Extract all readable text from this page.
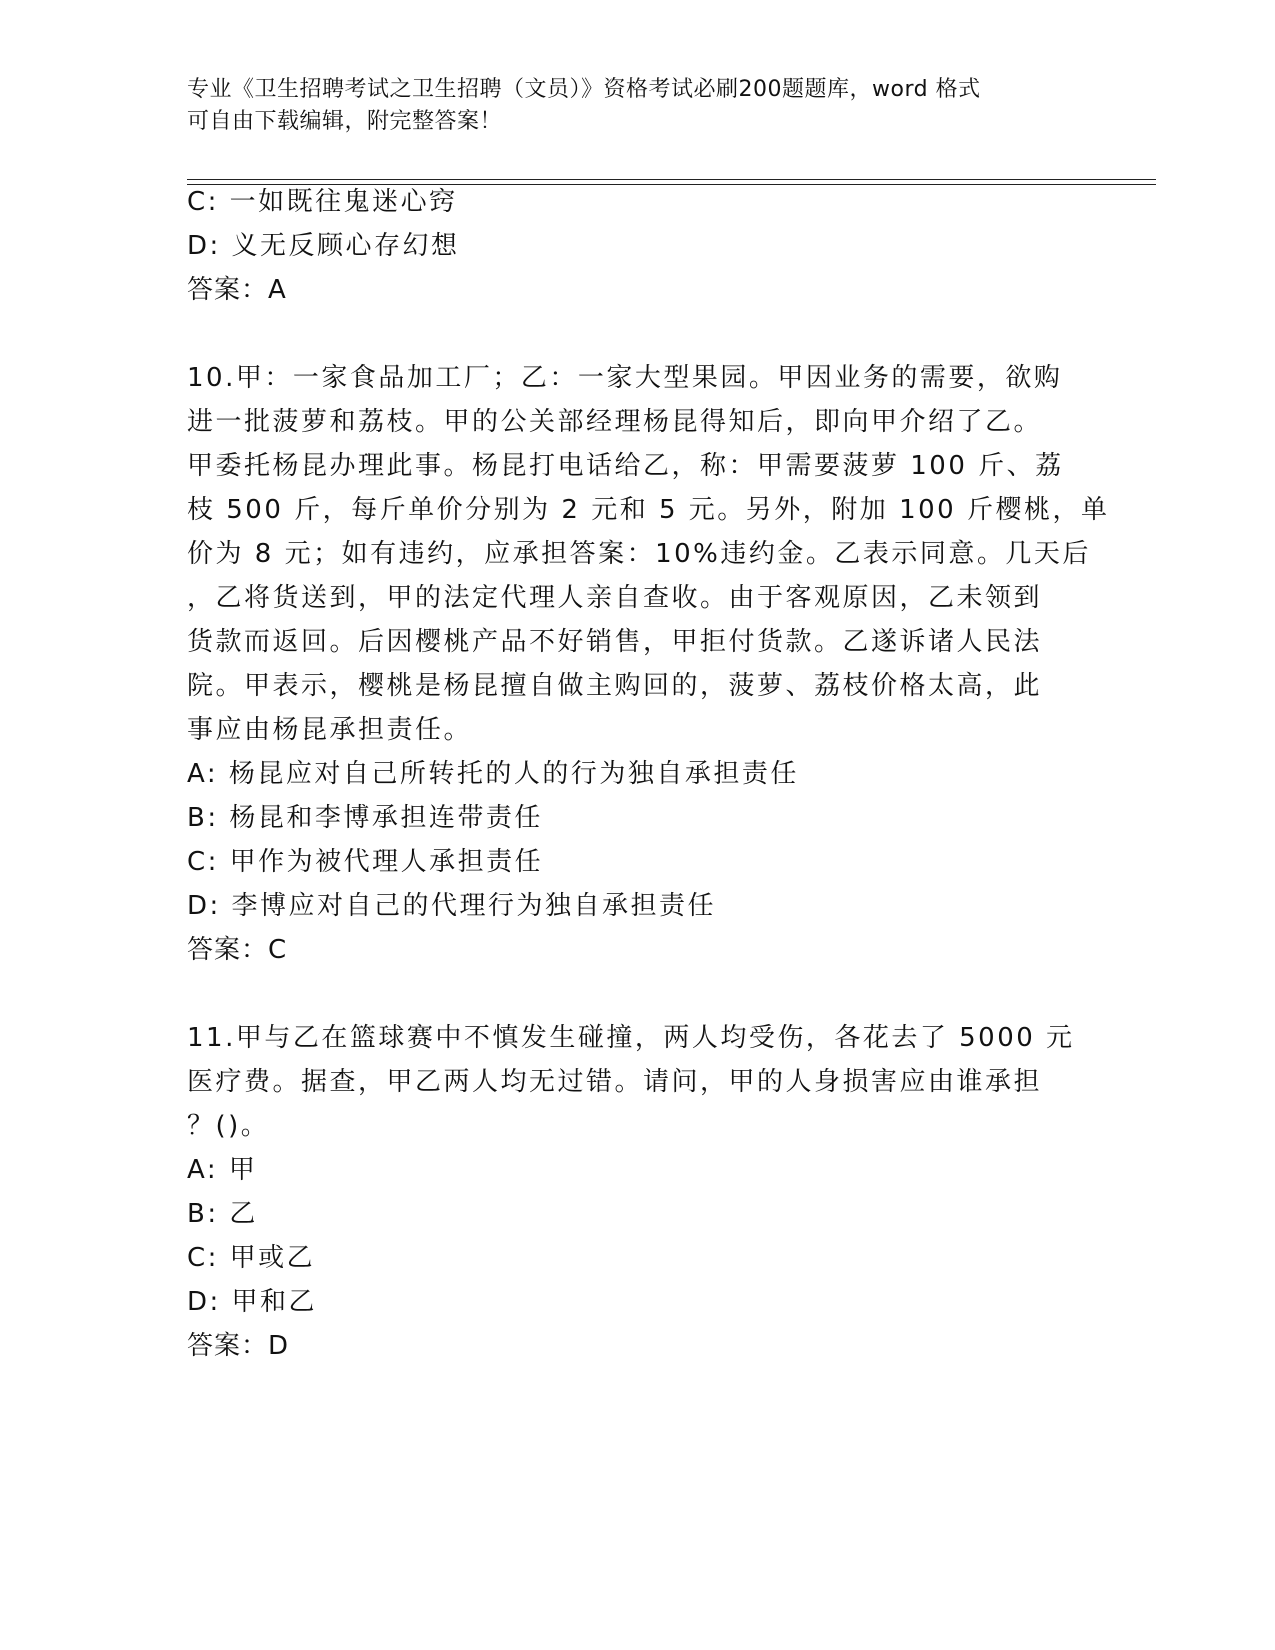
专业《卫生招聘考试之卫生招聘（文员）》资格考试必刷200题题库，word 格式
可自由下载编辑，附完整答案！
C: 一如既往鬼迷心窍
D: 义无反顾心存幻想
答案：A
10.甲：一家食品加工厂；乙：一家大型果园。甲因业务的需要，欲购
进一批菠萝和荔枝。甲的公关部经理杨昆得知后，即向甲介绍了乙。
甲委托杨昆办理此事。杨昆打电话给乙，称：甲需要菠萝 100 斤、荔
枝 500 斤，每斤单价分别为 2 元和 5 元。另外，附加 100 斤樱桃，单
价为 8 元；如有违约，应承担答案：10%违约金。乙表示同意。几天后
，乙将货送到，甲的法定代理人亲自查收。由于客观原因，乙未领到
货款而返回。后因樱桃产品不好销售，甲拒付货款。乙遂诉诸人民法
院。甲表示，樱桃是杨昆擅自做主购回的，菠萝、荔枝价格太高，此
事应由杨昆承担责任。
A: 杨昆应对自己所转托的人的行为独自承担责任
B: 杨昆和李博承担连带责任
C: 甲作为被代理人承担责任
D: 李博应对自己的代理行为独自承担责任
答案：C
11.甲与乙在篮球赛中不慎发生碰撞，两人均受伤，各花去了 5000 元
医疗费。据查，甲乙两人均无过错。请问，甲的人身损害应由谁承担
？()。
A: 甲
B: 乙
C: 甲或乙
D: 甲和乙
答案：D
